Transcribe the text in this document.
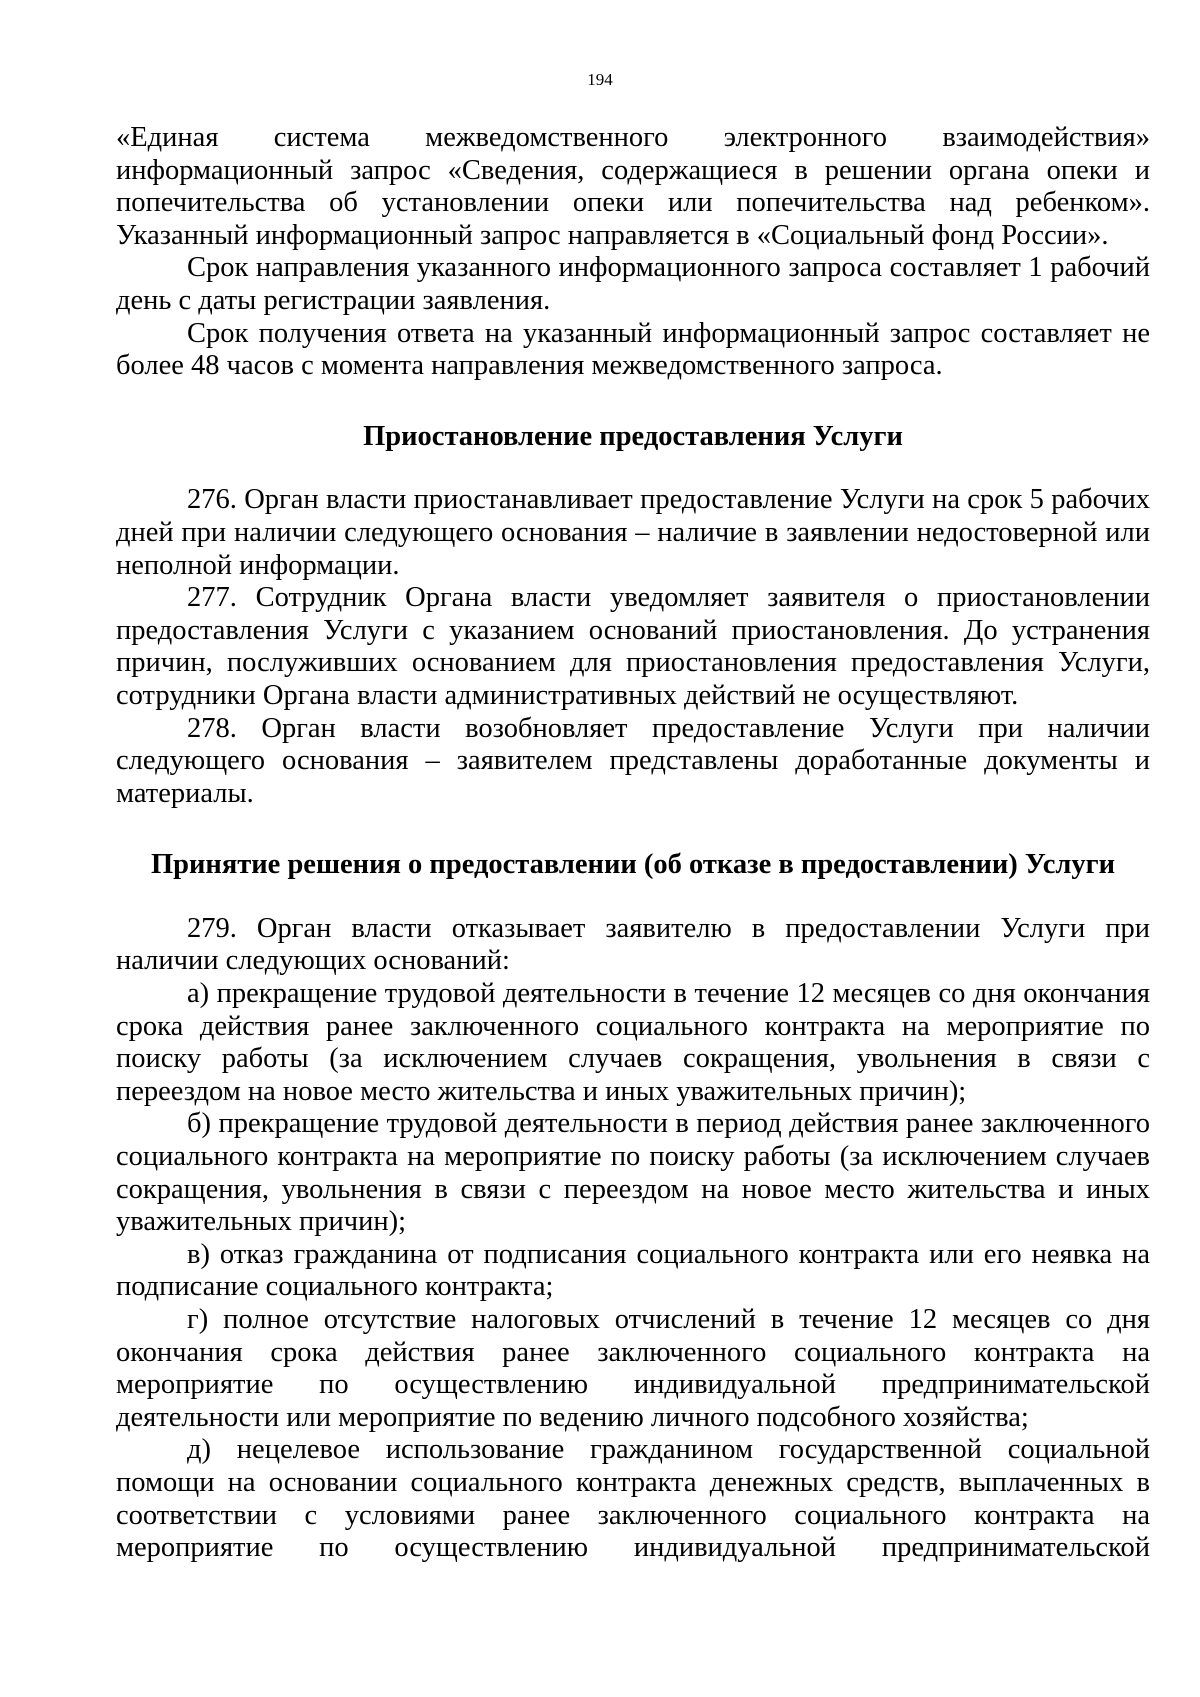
194

«Единая система межведомственного электронного взаимодействия» информационный запрос «Сведения, содержащиеся в решении органа опеки и попечительства об установлении опеки или попечительства над ребенком». Указанный информационный запрос направляется в «Социальный фонд России».

Срок направления указанного информационного запроса составляет 1 рабочий день с даты регистрации заявления.

Срок получения ответа на указанный информационный запрос составляет не более 48 часов с момента направления межведомственного запроса.

Приостановление предоставления Услуги

276. Орган власти приостанавливает предоставление Услуги на срок 5 рабочих дней при наличии следующего основания – наличие в заявлении недостоверной или неполной информации.

277. Сотрудник Органа власти уведомляет заявителя о приостановлении предоставления Услуги с указанием оснований приостановления. До устранения причин, послуживших основанием для приостановления предоставления Услуги, сотрудники Органа власти административных действий не осуществляют.

278. Орган власти возобновляет предоставление Услуги при наличии следующего основания – заявителем представлены доработанные документы и материалы.

Принятие решения о предоставлении (об отказе в предоставлении) Услуги

279. Орган власти отказывает заявителю в предоставлении Услуги при наличии следующих оснований:

а) прекращение трудовой деятельности в течение 12 месяцев со дня окончания срока действия ранее заключенного социального контракта на мероприятие по поиску работы (за исключением случаев сокращения, увольнения в связи с переездом на новое место жительства и иных уважительных причин);

б) прекращение трудовой деятельности в период действия ранее заключенного социального контракта на мероприятие по поиску работы (за исключением случаев сокращения, увольнения в связи с переездом на новое место жительства и иных уважительных причин);

в) отказ гражданина от подписания социального контракта или его неявка на подписание социального контракта;

г) полное отсутствие налоговых отчислений в течение 12 месяцев со дня окончания срока действия ранее заключенного социального контракта на мероприятие по осуществлению индивидуальной предпринимательской деятельности или мероприятие по ведению личного подсобного хозяйства;

д) нецелевое использование гражданином государственной социальной помощи на основании социального контракта денежных средств, выплаченных в соответствии с условиями ранее заключенного социального контракта на мероприятие по осуществлению индивидуальной предпринимательской
